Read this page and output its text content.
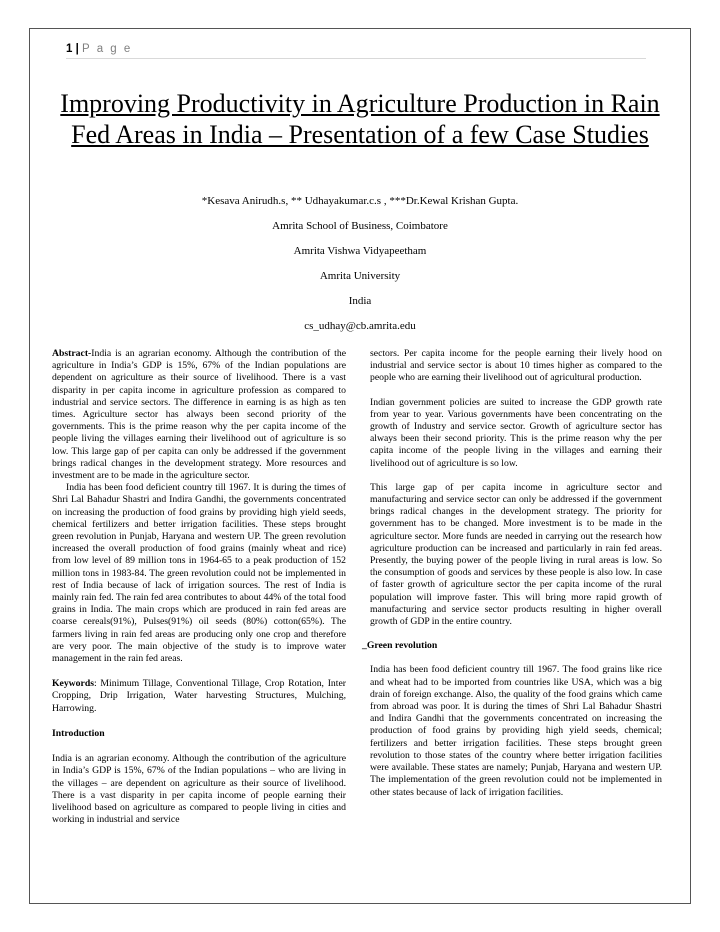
1 | P a g e
Improving Productivity in Agriculture Production in Rain Fed Areas in India – Presentation of a few Case Studies
*Kesava Anirudh.s, ** Udhayakumar.c.s , ***Dr.Kewal Krishan Gupta.
Amrita School of Business, Coimbatore
Amrita Vishwa Vidyapeetham
Amrita University
India
cs_udhay@cb.amrita.edu

Abstract-India is an agrarian economy. Although the contribution of the agriculture in India’s GDP is 15%, 67% of the Indian populations are dependent on agriculture as their source of livelihood. There is a vast disparity in per capita income in agriculture profession as compared to industrial and service sectors. The difference in earning is as high as ten times. Agriculture sector has always been second priority of the governments. This is the prime reason why the per capita income of the people living the villages earning their livelihood out of agriculture is so low. This large gap of per capita can only be addressed if the government brings radical changes in the development strategy. More resources and investment are to be made in the agriculture sector.

India has been food deficient country till 1967. It is during the times of Shri Lal Bahadur Shastri and Indira Gandhi, the governments concentrated on increasing the production of food grains by providing high yield seeds, chemical fertilizers and better irrigation facilities. These steps brought green revolution in Punjab, Haryana and western UP. The green revolution increased the overall production of food grains (mainly wheat and rice) from low level of 89 million tons in 1964-65 to a peak production of 152 million tons in 1983-84. The green revolution could not be implemented in rest of India because of lack of irrigation sources. The rest of India is mainly rain fed. The rain fed area contributes to about 44% of the total food grains in India. The main crops which are produced in rain fed areas are coarse cereals(91%), Pulses(91%) oil seeds (80%) cotton(65%). The farmers living in rain fed areas are producing only one crop and therefore are very poor. The main objective of the study is to improve water management in the rain fed areas.

Keywords: Minimum Tillage, Conventional Tillage, Crop Rotation, Inter Cropping, Drip Irrigation, Water harvesting Structures, Mulching, Harrowing.

Introduction

India is an agrarian economy. Although the contribution of the agriculture in India’s GDP is 15%, 67% of the Indian populations – who are living in the villages – are dependent on agriculture as their source of livelihood. There is a vast disparity in per capita income of people earning their livelihood based on agriculture as compared to people living in cities and working in industrial and service

sectors. Per capita income for the people earning their lively hood on industrial and service sector is about 10 times higher as compared to the people who are earning their livelihood out of agricultural production.

Indian government policies are suited to increase the GDP growth rate from year to year. Various governments have been concentrating on the growth of Industry and service sector. Growth of agriculture sector has always been their second priority. This is the prime reason why the per capita income of the people living in the villages and earning their livelihood out of agriculture is so low.

This large gap of per capita income in agriculture sector and manufacturing and service sector can only be addressed if the government brings radical changes in the development strategy. The priority for government has to be changed. More investment is to be made in the agriculture sector. More funds are needed in carrying out the research how agriculture production can be increased and particularly in rain fed areas. Presently, the buying power of the people living in rural areas is low. So the consumption of goods and services by these people is also low. In case of faster growth of agriculture sector the per capita income of the rural population will improve faster. This will bring more rapid growth of manufacturing and service sector products resulting in higher overall growth of GDP in the entire country.

_Green revolution

India has been food deficient country till 1967. The food grains like rice and wheat had to be imported from countries like USA, which was a big drain of foreign exchange. Also, the quality of the food grains which came from abroad was poor. It is during the times of Shri Lal Bahadur Shastri and Indira Gandhi that the governments concentrated on increasing the production of food grains by providing high yield seeds, chemical; fertilizers and better irrigation facilities. These steps brought green revolution to those states of the country where better irrigation facilities were available. These states are namely; Punjab, Haryana and western UP. The implementation of the green revolution could not be implemented in other states because of lack of irrigation facilities.
